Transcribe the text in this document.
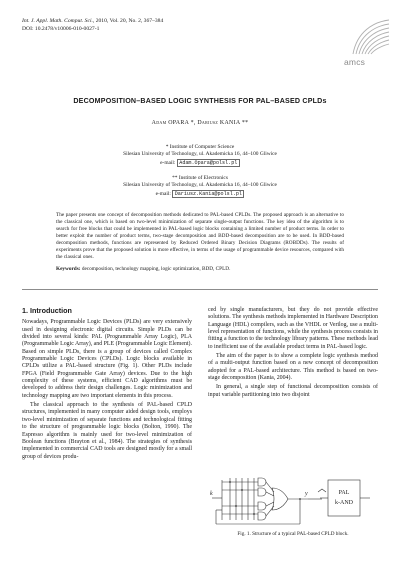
Int. J. Appl. Math. Comput. Sci., 2010, Vol. 20, No. 2, 367–384
DOI: 10.2478/v10006-010-0027-1
amcs
DECOMPOSITION–BASED LOGIC SYNTHESIS FOR PAL–BASED CPLDs
Adam OPARA *, Dariusz KANIA **
* Institute of Computer Science
Silesian University of Technology, ul. Akademicka 16, 44–100 Gliwice
e-mail: Adam.Opara@polsl.pl
** Institute of Electronics
Silesian University of Technology, ul. Akademicka 16, 44–100 Gliwice
e-mail: Dariusz.Kania@polsl.pl
The paper presents one concept of decomposition methods dedicated to PAL-based CPLDs. The proposed approach is an alternative to the classical one, which is based on two-level minimization of separate single-output functions. The key idea of the algorithm is to search for free blocks that could be implemented in PAL-based logic blocks containing a limited number of product terms. In order to better exploit the number of product terms, two-stage decomposition and BDD-based decomposition are to be used. In BDD-based decomposition methods, functions are represented by Reduced Ordered Binary Decision Diagrams (ROBDDs). The results of experiments prove that the proposed solution is more effective, in terms of the usage of programmable device resources, compared with the classical ones.
Keywords: decomposition, technology mapping, logic optimization, BDD, CPLD.
1. Introduction
Nowadays, Programmable Logic Devices (PLDs) are very extensively used in designing electronic digital circuits. Simple PLDs can be divided into several kinds: PAL (Programmable Array Logic), PLA (Programmable Logic Array), and PLE (Programmable Logic Element). Based on simple PLDs, there is a group of devices called Complex Programmable Logic Devices (CPLDs). Logic blocks available in CPLDs utilize a PAL-based structure (Fig. 1). Other PLDs include FPGA (Field Programmable Gate Array) devices. Due to the high complexity of these systems, efficient CAD algorithms must be developed to address their design challenges. Logic minimization and technology mapping are two important elements in this process.
The classical approach to the synthesis of PAL-based CPLD structures, implemented in many computer aided design tools, employs two-level minimization of separate functions and technological fitting to the structure of programmable logic blocks (Bolton, 1990). The Espresso algorithm is mainly used for two-level minimization of Boolean functions (Brayton et al., 1984). The strategies of synthesis implemented in commercial CAD tools are designed mostly for a small group of devices produ-
ced by single manufacturers, but they do not provide effective solutions. The synthesis methods implemented in Hardware Description Language (HDL) compilers, such as the VHDL or Verilog, use a multi-level representation of functions, while the synthesis process consists in fitting a function to the technology library patterns. These methods lead to inefficient use of the available product terms in PAL-based logic.
The aim of the paper is to show a complete logic synthesis method of a multi-output function based on a new concept of decomposition adopted for a PAL-based architecture. This method is based on two-stage decomposition (Kania, 2004).
In general, a single step of functional decomposition consists of input variable partitioning into two disjoint
k	y	PAL
k-AND
Fig. 1. Structure of a typical PAL-based CPLD block.
